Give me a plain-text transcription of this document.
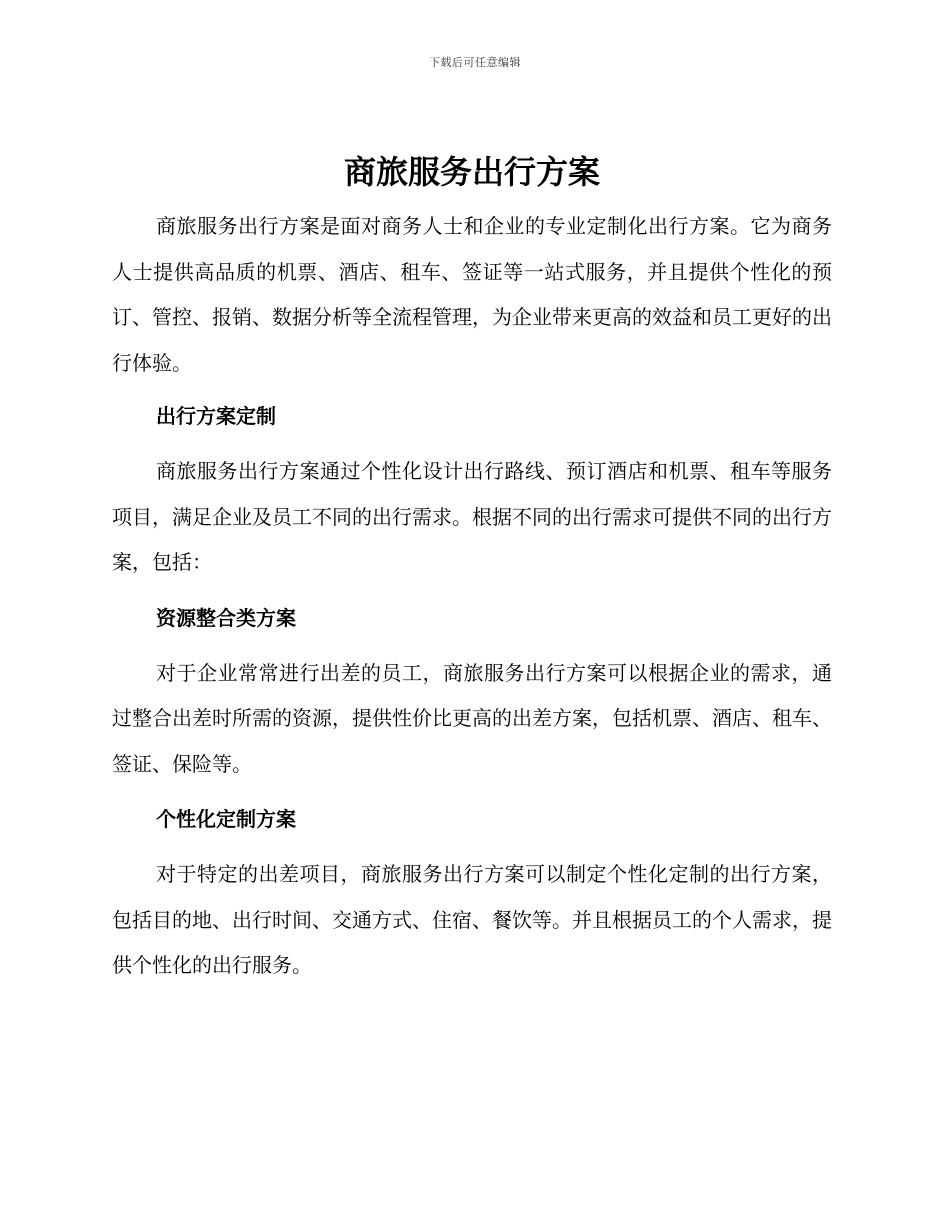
下载后可任意编辑
商旅服务出行方案

商旅服务出行方案是面对商务人士和企业的专业定制化出行方案。它为商务人士提供高品质的机票、酒店、租车、签证等一站式服务，并且提供个性化的预订、管控、报销、数据分析等全流程管理，为企业带来更高的效益和员工更好的出行体验。

出行方案定制

商旅服务出行方案通过个性化设计出行路线、预订酒店和机票、租车等服务项目，满足企业及员工不同的出行需求。根据不同的出行需求可提供不同的出行方案，包括：

资源整合类方案

对于企业常常进行出差的员工，商旅服务出行方案可以根据企业的需求，通过整合出差时所需的资源，提供性价比更高的出差方案，包括机票、酒店、租车、签证、保险等。

个性化定制方案

对于特定的出差项目，商旅服务出行方案可以制定个性化定制的出行方案，包括目的地、出行时间、交通方式、住宿、餐饮等。并且根据员工的个人需求，提供个性化的出行服务。
